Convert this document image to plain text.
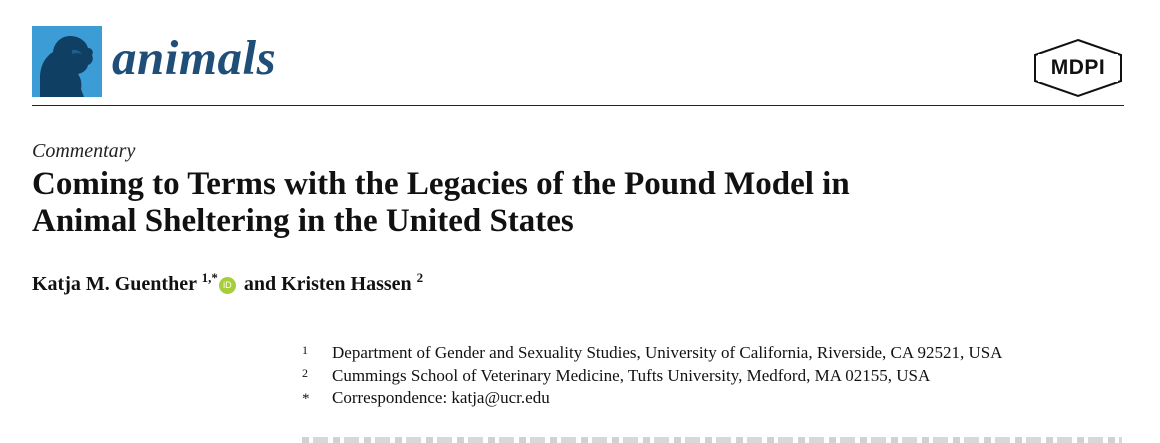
animals	MDPI
Commentary
Coming to Terms with the Legacies of the Pound Model in
Animal Sheltering in the United States
Katja M. Guenther $^{1,*}$ iD and Kristen Hassen $^2$
1	Department of Gender and Sexuality Studies, University of California, Riverside, CA 92521, USA
2	Cummings School of Veterinary Medicine, Tufts University, Medford, MA 02155, USA
*	Correspondence: katja@ucr.edu
